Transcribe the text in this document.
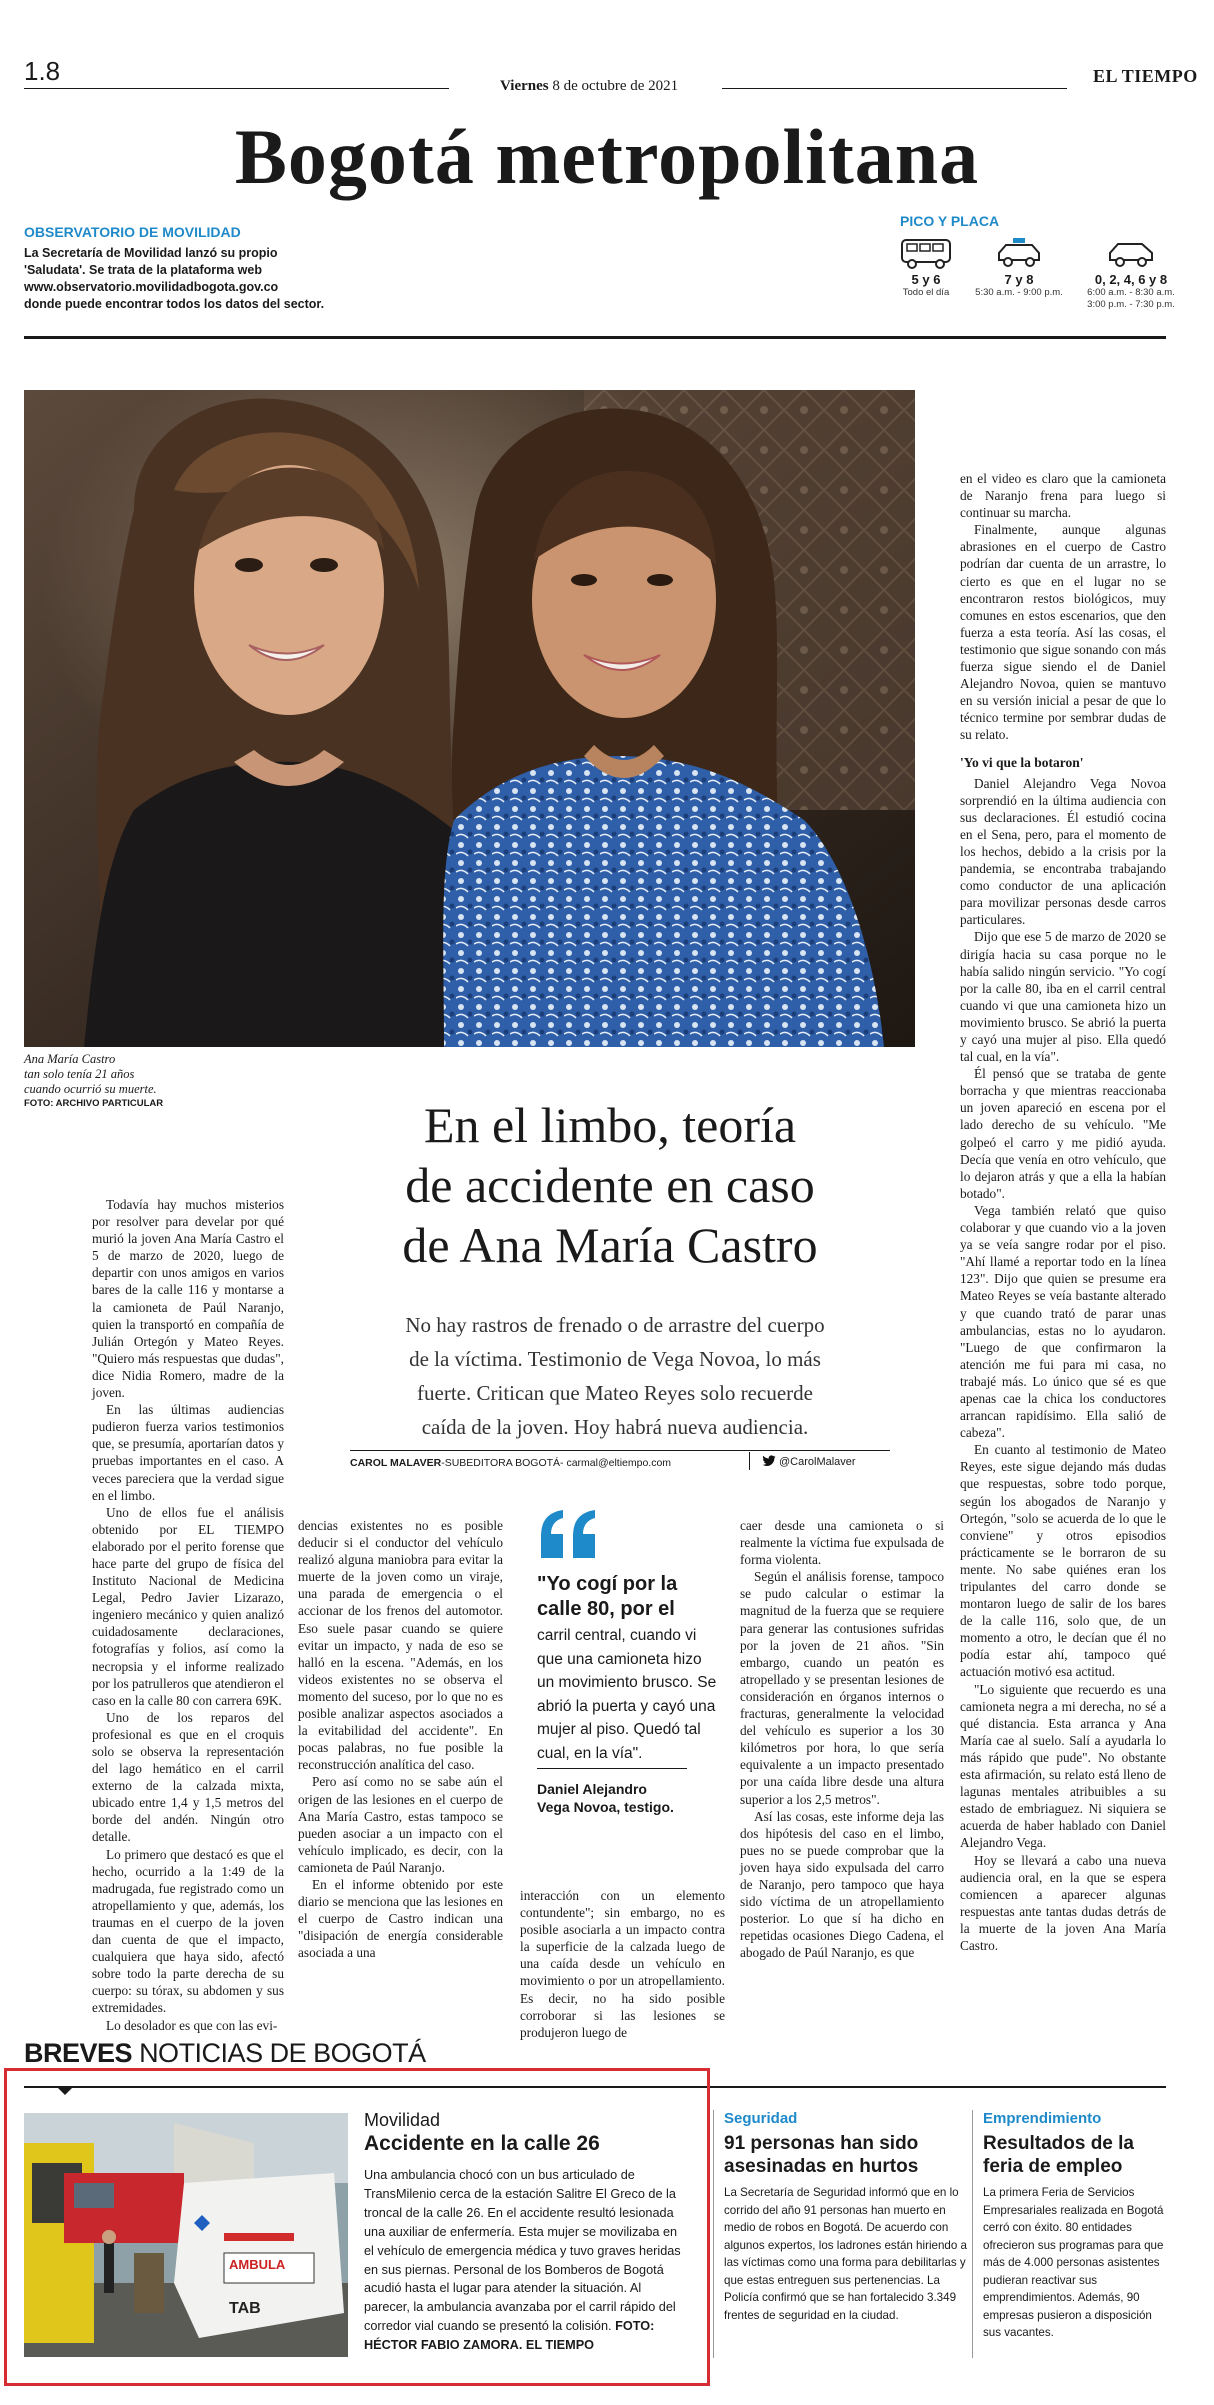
1.8	Viernes 8 de octubre de 2021	EL TIEMPO
Bogotá metropolitana
OBSERVATORIO DE MOVILIDAD
La Secretaría de Movilidad lanzó su propio
'Saludata'. Se trata de la plataforma web
www.observatorio.movilidadbogota.gov.co
donde puede encontrar todos los datos del sector.
PICO Y PLACA
5 y 6
Todo el día
7 y 8
5:30 a.m. - 9:00 p.m.
0, 2, 4, 6 y 8
6:00 a.m. - 8:30 a.m.
3:00 p.m. - 7:30 p.m.
Ana María Castro
tan solo tenía 21 años
cuando ocurrió su muerte.
FOTO: ARCHIVO PARTICULAR	En el limbo, teoría
de accidente en caso
de Ana María Castro
No hay rastros de frenado o de arrastre del cuerpo
de la víctima. Testimonio de Vega Novoa, lo más
fuerte. Critican que Mateo Reyes solo recuerde
caída de la joven. Hoy habrá nueva audiencia.
CAROL MALAVER-SUBEDITORA BOGOTÁ- carmal@eltiempo.com	@CarolMalaver

Todavía hay muchos misterios por resolver para develar por qué murió la joven Ana María Castro el 5 de marzo de 2020, luego de departir con unos amigos en varios bares de la calle 116 y montarse a la camioneta de Paúl Naranjo, quien la transportó en compañía de Julián Ortegón y Mateo Reyes. "Quiero más respuestas que dudas", dice Nidia Romero, madre de la joven.

En las últimas audiencias pudieron fuerza varios testimonios que, se presumía, aportarían datos y pruebas importantes en el caso. A veces pareciera que la verdad sigue en el limbo.

Uno de ellos fue el análisis obtenido por EL TIEMPO elaborado por el perito forense que hace parte del grupo de física del Instituto Nacional de Medicina Legal, Pedro Javier Lizarazo, ingeniero mecánico y quien analizó cuidadosamente declaraciones, fotografías y folios, así como la necropsia y el informe realizado por los patrulleros que atendieron el caso en la calle 80 con carrera 69K.

Uno de los reparos del profesional es que en el croquis solo se observa la representación del lago hemático en el carril externo de la calzada mixta, ubicado entre 1,4 y 1,5 metros del borde del andén. Ningún otro detalle.

Lo primero que destacó es que el hecho, ocurrido a la 1:49 de la madrugada, fue registrado como un atropellamiento y que, además, los traumas en el cuerpo de la joven dan cuenta de que el impacto, cualquiera que haya sido, afectó sobre todo la parte derecha de su cuerpo: su tórax, su abdomen y sus extremidades.

Lo desolador es que con las evi-

dencias existentes no es posible deducir si el conductor del vehículo realizó alguna maniobra para evitar la muerte de la joven como un viraje, una parada de emergencia o el accionar de los frenos del automotor. Eso suele pasar cuando se quiere evitar un impacto, y nada de eso se halló en la escena. "Además, en los videos existentes no se observa el momento del suceso, por lo que no es posible analizar aspectos asociados a la evitabilidad del accidente". En pocas palabras, no fue posible la reconstrucción analítica del caso.

Pero así como no se sabe aún el origen de las lesiones en el cuerpo de Ana María Castro, estas tampoco se pueden asociar a un impacto con el vehículo implicado, es decir, con la camioneta de Paúl Naranjo.

En el informe obtenido por este diario se menciona que las lesiones en el cuerpo de Castro indican una "disipación de energía considerable asociada a una

"Yo cogí por la calle 80, por el
carril central, cuando vi que una camioneta hizo un movimiento brusco. Se abrió la puerta y cayó una mujer al piso. Quedó tal cual, en la vía".
Daniel Alejandro
Vega Novoa, testigo.

interacción con un elemento contundente"; sin embargo, no es posible asociarla a un impacto contra la superficie de la calzada luego de una caída desde un vehículo en movimiento o por un atropellamiento. Es decir, no ha sido posible corroborar si las lesiones se produjeron luego de

caer desde una camioneta o si realmente la víctima fue expulsada de forma violenta.

Según el análisis forense, tampoco se pudo calcular o estimar la magnitud de la fuerza que se requiere para generar las contusiones sufridas por la joven de 21 años. "Sin embargo, cuando un peatón es atropellado y se presentan lesiones de consideración en órganos internos o fracturas, generalmente la velocidad del vehículo es superior a los 30 kilómetros por hora, lo que sería equivalente a un impacto presentado por una caída libre desde una altura superior a los 2,5 metros".

Así las cosas, este informe deja las dos hipótesis del caso en el limbo, pues no se puede comprobar que la joven haya sido expulsada del carro de Naranjo, pero tampoco que haya sido víctima de un atropellamiento posterior. Lo que sí ha dicho en repetidas ocasiones Diego Cadena, el abogado de Paúl Naranjo, es que

en el video es claro que la camioneta de Naranjo frena para luego si continuar su marcha.

Finalmente, aunque algunas abrasiones en el cuerpo de Castro podrían dar cuenta de un arrastre, lo cierto es que en el lugar no se encontraron restos biológicos, muy comunes en estos escenarios, que den fuerza a esta teoría. Así las cosas, el testimonio que sigue sonando con más fuerza sigue siendo el de Daniel Alejandro Novoa, quien se mantuvo en su versión inicial a pesar de que lo técnico termine por sembrar dudas de su relato.

'Yo vi que la botaron'

Daniel Alejandro Vega Novoa sorprendió en la última audiencia con sus declaraciones. Él estudió cocina en el Sena, pero, para el momento de los hechos, debido a la crisis por la pandemia, se encontraba trabajando como conductor de una aplicación para movilizar personas desde carros particulares.

Dijo que ese 5 de marzo de 2020 se dirigía hacia su casa porque no le había salido ningún servicio. "Yo cogí por la calle 80, iba en el carril central cuando vi que una camioneta hizo un movimiento brusco. Se abrió la puerta y cayó una mujer al piso. Ella quedó tal cual, en la vía".

Él pensó que se trataba de gente borracha y que mientras reaccionaba un joven apareció en escena por el lado derecho de su vehículo. "Me golpeó el carro y me pidió ayuda. Decía que venía en otro vehículo, que lo dejaron atrás y que a ella la habían botado".

Vega también relató que quiso colaborar y que cuando vio a la joven ya se veía sangre rodar por el piso. "Ahí llamé a reportar todo en la línea 123". Dijo que quien se presume era Mateo Reyes se veía bastante alterado y que cuando trató de parar unas ambulancias, estas no lo ayudaron. "Luego de que confirmaron la atención me fui para mi casa, no trabajé más. Lo único que sé es que apenas cae la chica los conductores arrancan rapidísimo. Ella salió de cabeza".

En cuanto al testimonio de Mateo Reyes, este sigue dejando más dudas que respuestas, sobre todo porque, según los abogados de Naranjo y Ortegón, "solo se acuerda de lo que le conviene" y otros episodios prácticamente se le borraron de su mente. No sabe quiénes eran los tripulantes del carro donde se montaron luego de salir de los bares de la calle 116, solo que, de un momento a otro, le decían que él no podía estar ahí, tampoco qué actuación motivó esa actitud.

"Lo siguiente que recuerdo es una camioneta negra a mi derecha, no sé a qué distancia. Esta arranca y Ana María cae al suelo. Salí a ayudarla lo más rápido que pude". No obstante esta afirmación, su relato está lleno de lagunas mentales atribuibles a su estado de embriaguez. Ni siquiera se acuerda de haber hablado con Daniel Alejandro Vega.

Hoy se llevará a cabo una nueva audiencia oral, en la que se espera comiencen a aparecer algunas respuestas ante tantas dudas detrás de la muerte de la joven Ana María Castro.

BREVES NOTICIAS DE BOGOTÁ
AMBULA
TAB
Movilidad
Accidente en la calle 26
Una ambulancia chocó con un bus articulado de TransMilenio cerca de la estación Salitre El Greco de la troncal de la calle 26. En el accidente resultó lesionada una auxiliar de enfermería. Esta mujer se movilizaba en el vehículo de emergencia médica y tuvo graves heridas en sus piernas. Personal de los Bomberos de Bogotá acudió hasta el lugar para atender la situación. Al parecer, la ambulancia avanzaba por el carril rápido del corredor vial cuando se presentó la colisión. FOTO: HÉCTOR FABIO ZAMORA. EL TIEMPO
Seguridad
91 personas han sido
asesinadas en hurtos
La Secretaría de Seguridad informó que en lo corrido del año 91 personas han muerto en medio de robos en Bogotá. De acuerdo con algunos expertos, los ladrones están hiriendo a las víctimas como una forma para debilitarlas y que estas entreguen sus pertenencias. La Policía confirmó que se han fortalecido 3.349 frentes de seguridad en la ciudad.
Emprendimiento
Resultados de la
feria de empleo
La primera Feria de Servicios Empresariales realizada en Bogotá cerró con éxito. 80 entidades ofrecieron sus programas para que más de 4.000 personas asistentes pudieran reactivar sus emprendimientos. Además, 90 empresas pusieron a disposición sus vacantes.
